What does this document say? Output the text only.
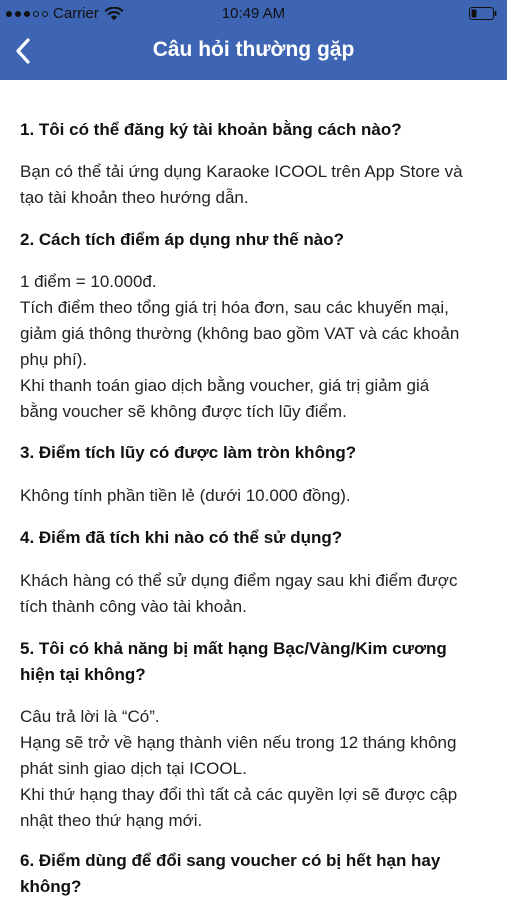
Carrier	10:49 AM
Câu hỏi thường gặp
1. Tôi có thể đăng ký tài khoản bằng cách nào?
Bạn có thể tải ứng dụng Karaoke ICOOL trên App Store và
tạo tài khoản theo hướng dẫn.
2. Cách tích điểm áp dụng như thế nào?
1 điểm = 10.000đ.
Tích điểm theo tổng giá trị hóa đơn, sau các khuyến mại,
giảm giá thông thường (không bao gồm VAT và các khoản
phụ phí).
Khi thanh toán giao dịch bằng voucher, giá trị giảm giá
bằng voucher sẽ không được tích lũy điểm.
3. Điểm tích lũy có được làm tròn không?
Không tính phần tiền lẻ (dưới 10.000 đồng).
4. Điểm đã tích khi nào có thể sử dụng?
Khách hàng có thể sử dụng điểm ngay sau khi điểm được
tích thành công vào tài khoản.
5. Tôi có khả năng bị mất hạng Bạc/Vàng/Kim cương
hiện tại không?
Câu trả lời là “Có”.
Hạng sẽ trở về hạng thành viên nếu trong 12 tháng không
phát sinh giao dịch tại ICOOL.
Khi thứ hạng thay đổi thì tất cả các quyền lợi sẽ được cập
nhật theo thứ hạng mới.
6. Điểm dùng để đổi sang voucher có bị hết hạn hay
không?
